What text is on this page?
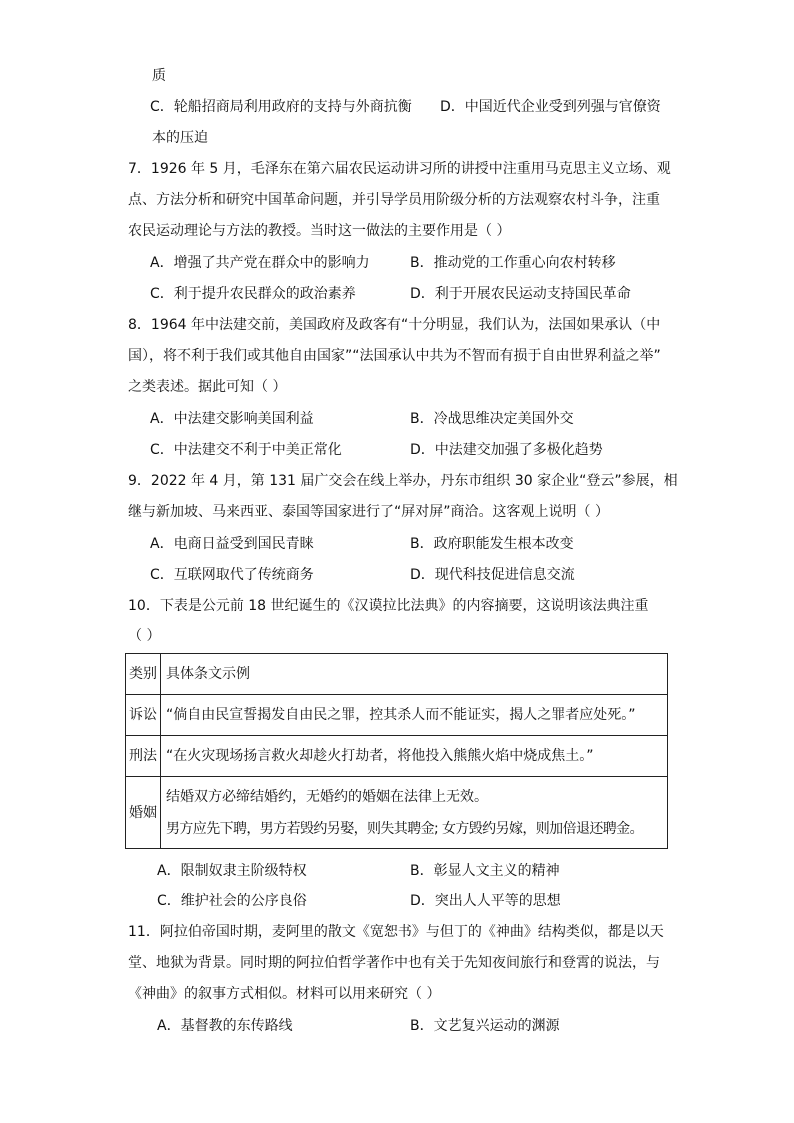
质
C．轮船招商局利用政府的支持与外商抗衡 D．中国近代企业受到列强与官僚资
本的压迫
7．1926 年 5 月，毛泽东在第六届农民运动讲习所的讲授中注重用马克思主义立场、观
点、方法分析和研究中国革命问题，并引导学员用阶级分析的方法观察农村斗争，注重
农民运动理论与方法的教授。当时这一做法的主要作用是（ ）
A．增强了共产党在群众中的影响力	B．推动党的工作重心向农村转移
C．利于提升农民群众的政治素养	D．利于开展农民运动支持国民革命
8．1964 年中法建交前，美国政府及政客有“十分明显，我们认为，法国如果承认（中
国），将不利于我们或其他自由国家”“法国承认中共为不智而有损于自由世界利益之举”
之类表述。据此可知（ ）
A．中法建交影响美国利益	B．冷战思维决定美国外交
C．中法建交不利于中美正常化	D．中法建交加强了多极化趋势
9．2022 年 4 月，第 131 届广交会在线上举办，丹东市组织 30 家企业“登云”参展，相
继与新加坡、马来西亚、泰国等国家进行了“屏对屏”商洽。这客观上说明（ ）
A．电商日益受到国民青睐	B．政府职能发生根本改变
C．互联网取代了传统商务	D．现代科技促进信息交流
10．下表是公元前 18 世纪诞生的《汉谟拉比法典》的内容摘要，这说明该法典注重
（ ）
类别	具体条文示例
诉讼	“倘自由民宣誓揭发自由民之罪，控其杀人而不能证实，揭人之罪者应处死。”
刑法	“在火灾现场扬言救火却趁火打劫者，将他投入熊熊火焰中烧成焦土。”
婚姻	结婚双方必缔结婚约，无婚约的婚姻在法律上无效。
男方应先下聘，男方若毁约另娶，则失其聘金; 女方毁约另嫁，则加倍退还聘金。
A．限制奴隶主阶级特权	B．彰显人文主义的精神
C．维护社会的公序良俗	D．突出人人平等的思想
11．阿拉伯帝国时期，麦阿里的散文《宽恕书》与但丁的《神曲》结构类似，都是以天
堂、地狱为背景。同时期的阿拉伯哲学著作中也有关于先知夜间旅行和登霄的说法，与
《神曲》的叙事方式相似。材料可以用来研究（ ）
A．基督教的东传路线	B．文艺复兴运动的渊源
